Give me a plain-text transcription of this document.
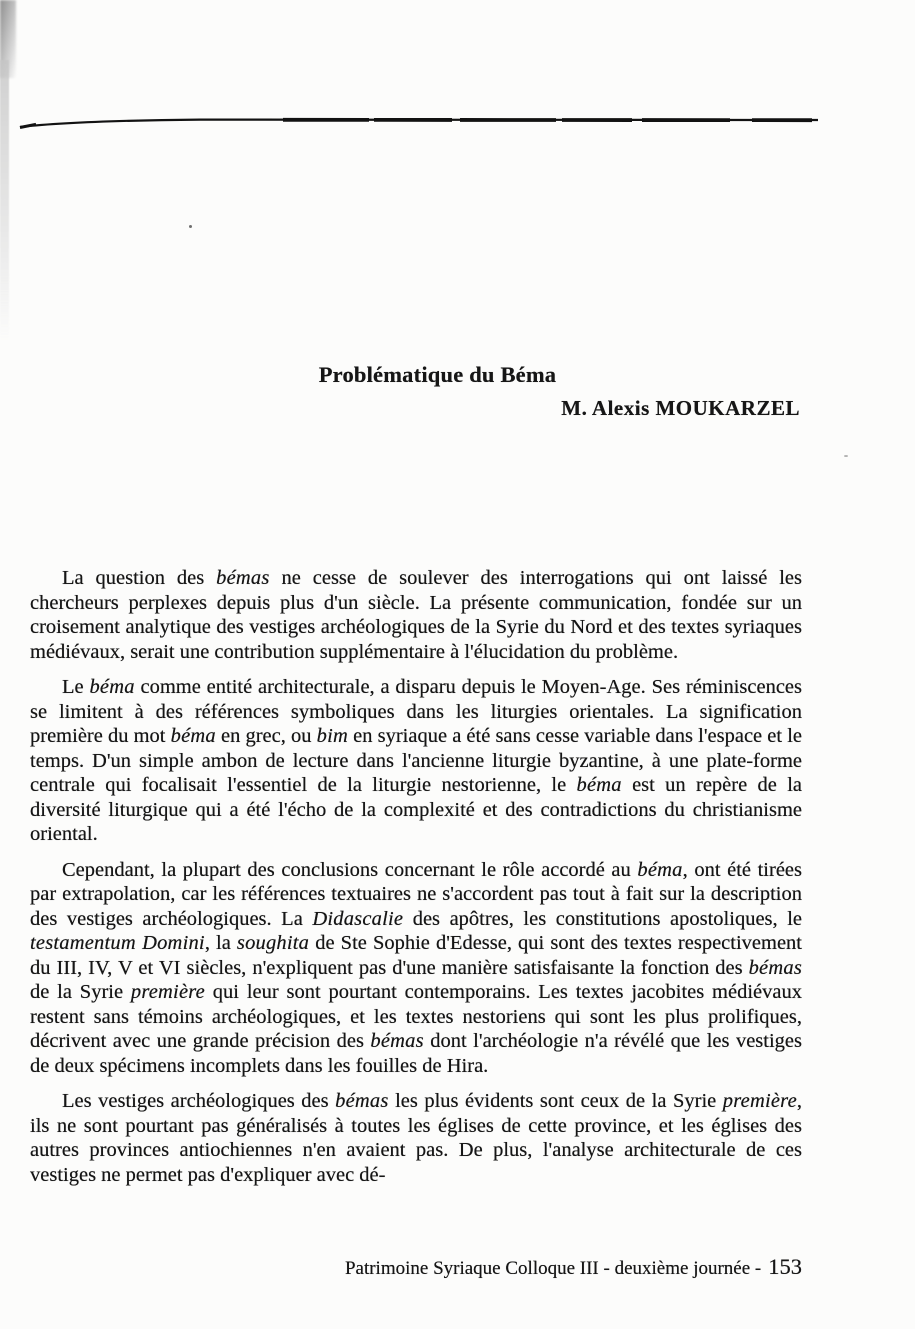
Problématique du Béma
M. Alexis MOUKARZEL

La question des bémas ne cesse de soulever des interrogations qui ont laissé les chercheurs perplexes depuis plus d'un siècle. La présente communication, fondée sur un croisement analytique des vestiges archéologiques de la Syrie du Nord et des textes syriaques médiévaux, serait une contribution supplémentaire à l'élucidation du problème.

Le béma comme entité architecturale, a disparu depuis le Moyen-Age. Ses réminiscences se limitent à des références symboliques dans les liturgies orientales. La signification première du mot béma en grec, ou bim en syriaque a été sans cesse variable dans l'espace et le temps. D'un simple ambon de lecture dans l'ancienne liturgie byzantine, à une plate-forme centrale qui focalisait l'essentiel de la liturgie nestorienne, le béma est un repère de la diversité liturgique qui a été l'écho de la complexité et des contradictions du christianisme oriental.

Cependant, la plupart des conclusions concernant le rôle accordé au béma, ont été tirées par extrapolation, car les références textuaires ne s'accordent pas tout à fait sur la description des vestiges archéologiques. La Didascalie des apôtres, les constitutions apostoliques, le testamentum Domini, la soughita de Ste Sophie d'Edesse, qui sont des textes respectivement du III, IV, V et VI siècles, n'expliquent pas d'une manière satisfaisante la fonction des bémas de la Syrie première qui leur sont pourtant contemporains. Les textes jacobites médiévaux restent sans témoins archéologiques, et les textes nestoriens qui sont les plus prolifiques, décrivent avec une grande précision des bémas dont l'archéologie n'a révélé que les vestiges de deux spécimens incomplets dans les fouilles de Hira.

Les vestiges archéologiques des bémas les plus évidents sont ceux de la Syrie première, ils ne sont pourtant pas généralisés à toutes les églises de cette province, et les églises des autres provinces antiochiennes n'en avaient pas. De plus, l'analyse architecturale de ces vestiges ne permet pas d'expliquer avec dé-

Patrimoine Syriaque Colloque III - deuxième journée - 153
